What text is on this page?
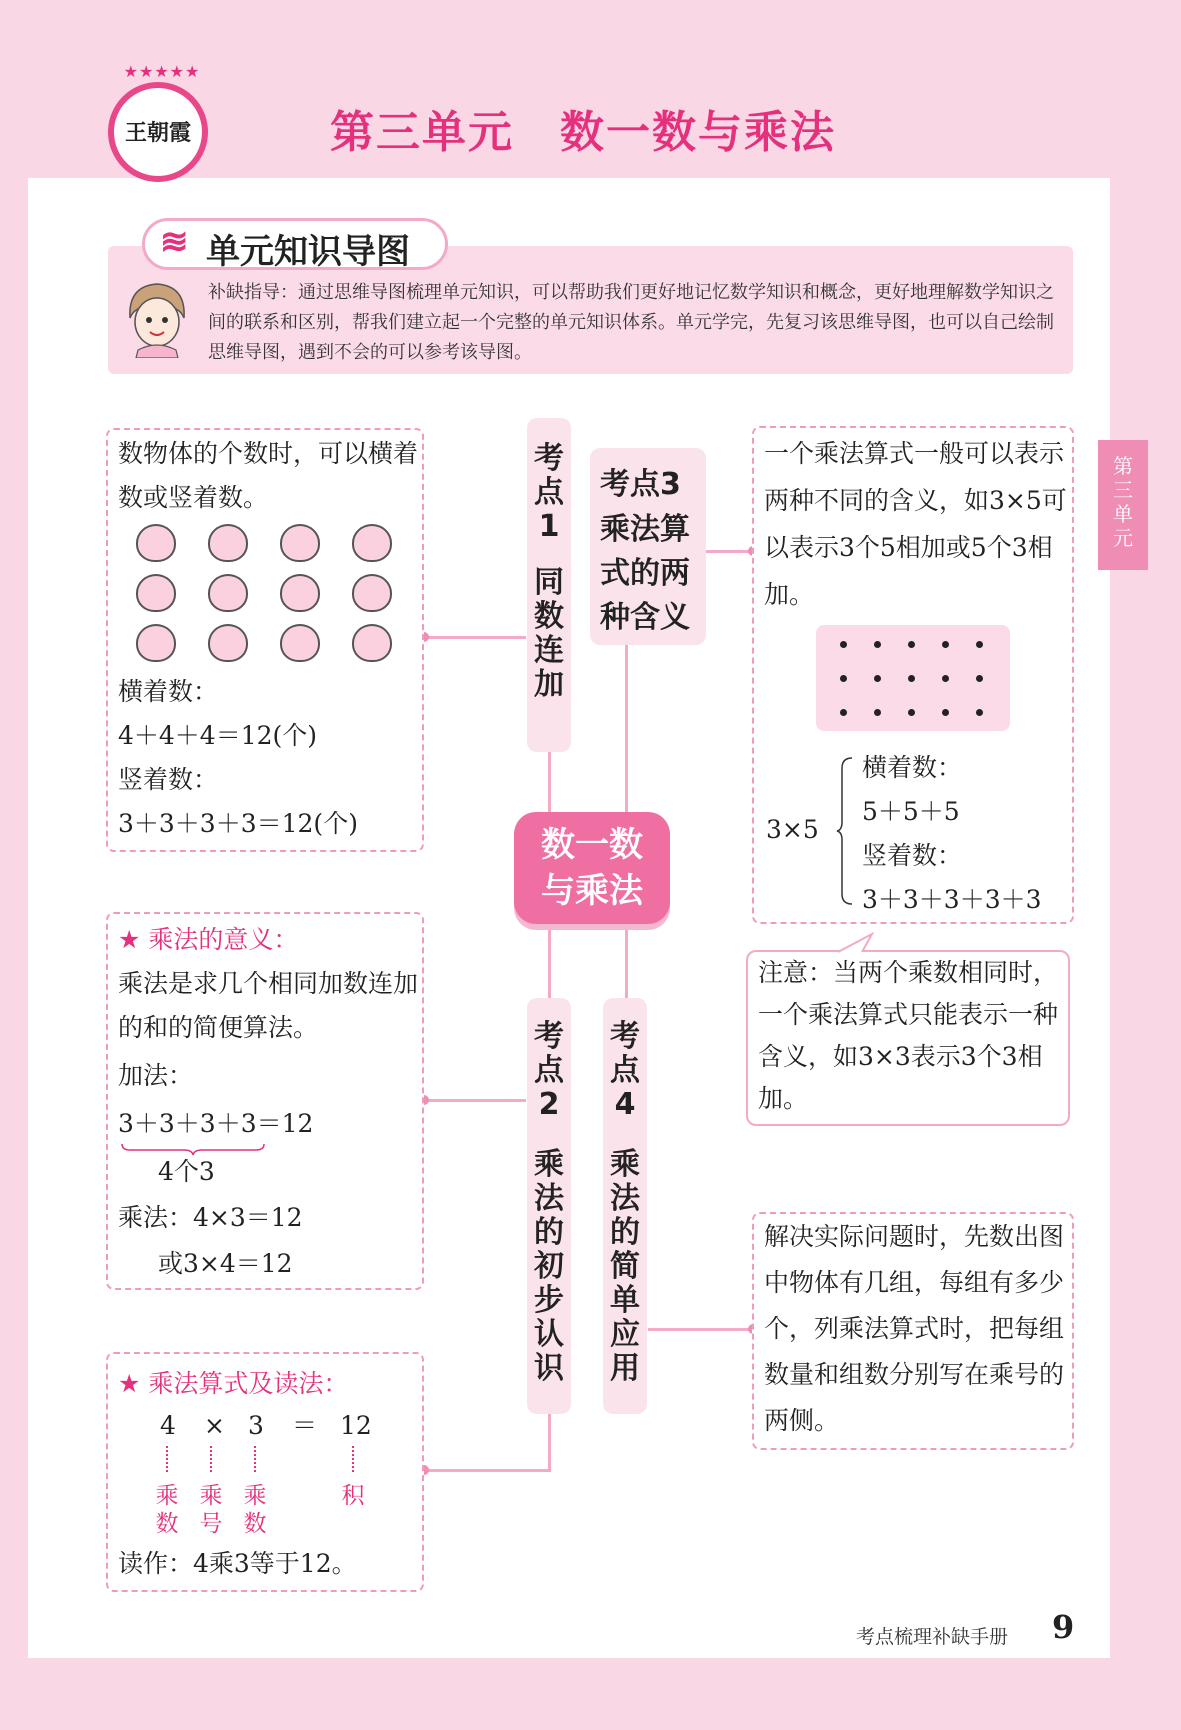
★★★★★
王朝霞	第三单元　数一数与乘法
第
三
单
元
≋ 单元知识导图
补缺指导：通过思维导图梳理单元知识，可以帮助我们更好地记忆数学知识和概念，更好地理解数学知识之间的联系和区别，帮我们建立起一个完整的单元知识体系。单元学完，先复习该思维导图，也可以自己绘制思维导图，遇到不会的可以参考该导图。
数一数
与乘法
考
点
1
同
数
连
加
考点3
乘法算
式的两
种含义
考
点
2
乘
法
的
初
步
认
识
考
点
4
乘
法
的
简
单
应
用
数物体的个数时，可以横着数或竖着数。
横着数：
4＋4＋4＝12(个)
竖着数：
3＋3＋3＋3＝12(个)
★ 乘法的意义：
乘法是求几个相同加数连加的和的简便算法。
加法：
3＋3＋3＋3＝12
4个3
乘法：4×3＝12
或3×4＝12
★ 乘法算式及读法：
4 × 3 ＝ 12
乘
数
乘
号
乘
数
积
读作：4乘3等于12。
一个乘法算式一般可以表示两种不同的含义，如3×5可以表示3个5相加或5个3相加。
3×5
横着数：
5＋5＋5
竖着数：
3＋3＋3＋3＋3
注意：当两个乘数相同时，一个乘法算式只能表示一种含义，如3×3表示3个3相加。
解决实际问题时，先数出图中物体有几组，每组有多少个，列乘法算式时，把每组数量和组数分别写在乘号的两侧。
考点梳理补缺手册 9
